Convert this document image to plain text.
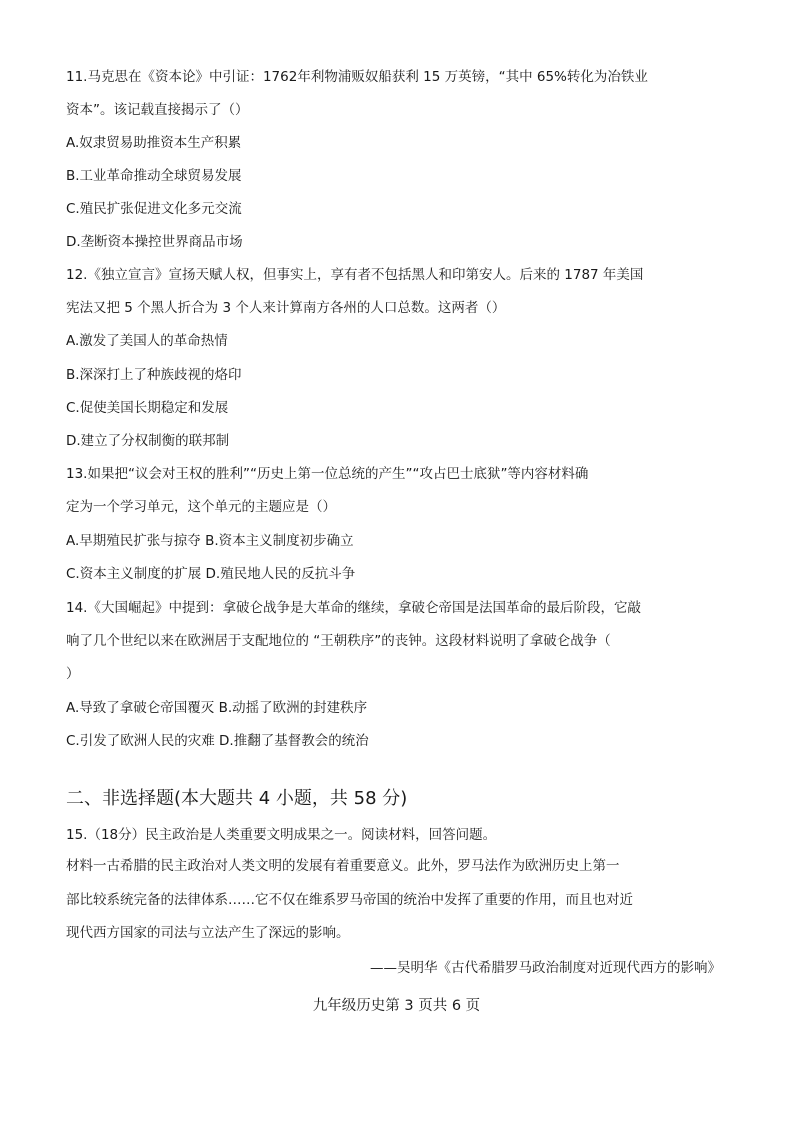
11.马克思在《资本论》中引证：1762年利物浦贩奴船获利 15 万英镑，“其中 65%转化为冶铁业
资本”。该记载直接揭示了（）
A.奴隶贸易助推资本生产积累
B.工业革命推动全球贸易发展
C.殖民扩张促进文化多元交流
D.垄断资本操控世界商品市场
12.《独立宣言》宣扬天赋人权，但事实上，享有者不包括黑人和印第安人。后来的 1787 年美国
宪法又把 5 个黑人折合为 3 个人来计算南方各州的人口总数。这两者（）
A.激发了美国人的革命热情
B.深深打上了种族歧视的烙印
C.促使美国长期稳定和发展
D.建立了分权制衡的联邦制
13.如果把“议会对王权的胜利”“历史上第一位总统的产生”“攻占巴士底狱”等内容材料确
定为一个学习单元，这个单元的主题应是（）
A.早期殖民扩张与掠夺 B.资本主义制度初步确立
C.资本主义制度的扩展 D.殖民地人民的反抗斗争
14.《大国崛起》中提到：拿破仑战争是大革命的继续，拿破仑帝国是法国革命的最后阶段，它敲
响了几个世纪以来在欧洲居于支配地位的 “王朝秩序”的丧钟。这段材料说明了拿破仑战争（
）
A.导致了拿破仑帝国覆灭 B.动摇了欧洲的封建秩序
C.引发了欧洲人民的灾难 D.推翻了基督教会的统治
二、非选择题(本大题共 4 小题，共 58 分)
15.（18分）民主政治是人类重要文明成果之一。阅读材料，回答问题。
材料一古希腊的民主政治对人类文明的发展有着重要意义。此外，罗马法作为欧洲历史上第一
部比较系统完备的法律体系……它不仅在维系罗马帝国的统治中发挥了重要的作用，而且也对近
现代西方国家的司法与立法产生了深远的影响。
——吴明华《古代希腊罗马政治制度对近现代西方的影响》
九年级历史第 3 页共 6 页
